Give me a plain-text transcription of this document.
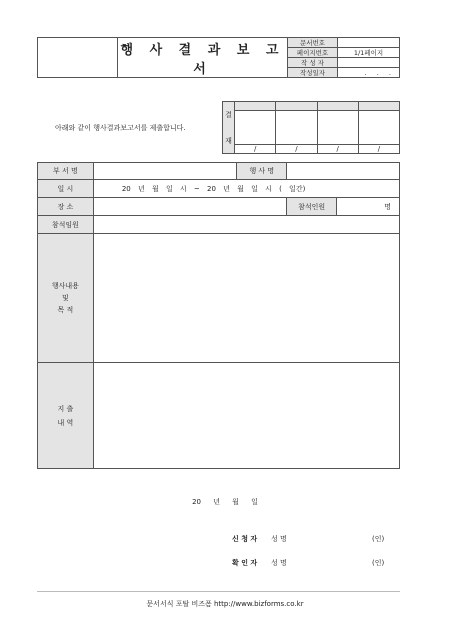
	행 사 결 과 보 고 서	문서번호	
		페이지번호	1/1페이지
		작 성 자	
		작성일자	. . .
결
재				

	/	/	/	/
아래와 같이 행사결과보고서를 제출합니다.
부 서 명		행 사 명		
일 시	20 년 월 일 시 ~ 20 년 월 일 시 ( 일간)			
장 소			참석인원	명
참석임원				

행사내용
및
목 적				

지 출
내 역				

20 년 월 일
신 청 자 성 명	(인)
확 인 자 성 명	(인)
문서서식 포탈 비즈폼 http://www.bizforms.co.kr
